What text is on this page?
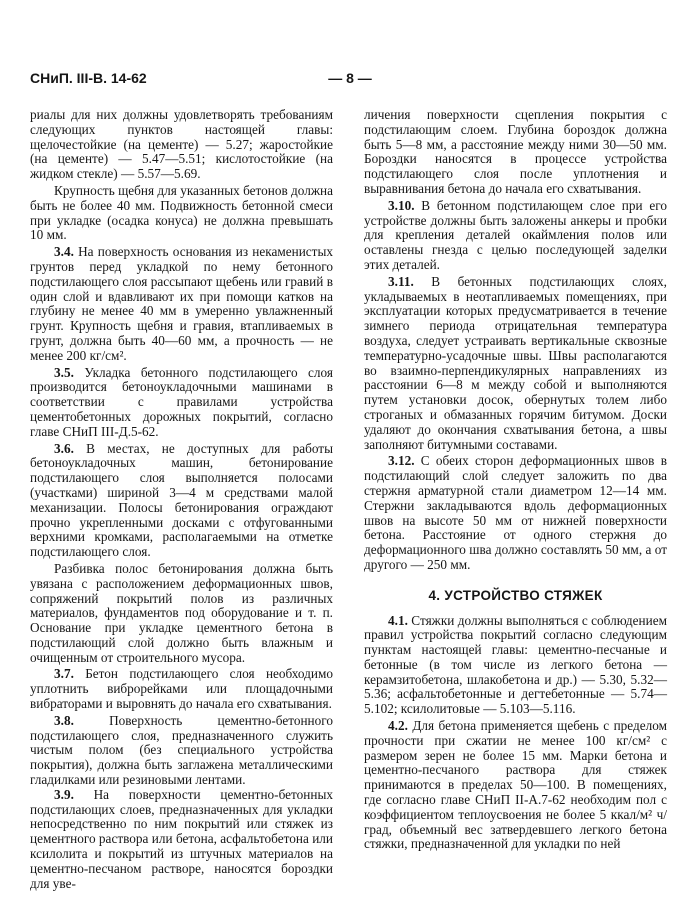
СНиП. III-В. 14-62	— 8 —

риалы для них должны удовлетворять требованиям следующих пунктов настоящей главы: щелочестойкие (на цементе) — 5.27; жаростойкие (на цементе) — 5.47—5.51; кислотостойкие (на жидком стекле) — 5.57—5.69.

Крупность щебня для указанных бетонов должна быть не более 40 мм. Подвижность бетонной смеси при укладке (осадка конуса) не должна превышать 10 мм.

3.4. На поверхность основания из некаменистых грунтов перед укладкой по нему бетонного подстилающего слоя рассыпают щебень или гравий в один слой и вдавливают их при помощи катков на глубину не менее 40 мм в умеренно увлажненный грунт. Крупность щебня и гравия, втапливаемых в грунт, должна быть 40—60 мм, а прочность — не менее 200 кг/см².

3.5. Укладка бетонного подстилающего слоя производится бетоноукладочными машинами в соответствии с правилами устройства цементобетонных дорожных покрытий, согласно главе СНиП III-Д.5-62.

3.6. В местах, не доступных для работы бетоноукладочных машин, бетонирование подстилающего слоя выполняется полосами (участками) шириной 3—4 м средствами малой механизации. Полосы бетонирования ограждают прочно укрепленными досками с отфугованными верхними кромками, располагаемыми на отметке подстилающего слоя.

Разбивка полос бетонирования должна быть увязана с расположением деформационных швов, сопряжений покрытий полов из различных материалов, фундаментов под оборудование и т. п. Основание при укладке цементного бетона в подстилающий слой должно быть влажным и очищенным от строительного мусора.

3.7. Бетон подстилающего слоя необходимо уплотнить виброрейками или площадочными вибраторами и выровнять до начала его схватывания.

3.8.	Поверхность цементно-бетонного подстилающего слоя, предназначенного служить чистым полом (без специального устройства покрытия), должна быть заглажена металлическими гладилками или резиновыми лентами.

3.9. На поверхности цементно-бетонных подстилающих слоев, предназначенных для укладки непосредственно по ним покрытий или стяжек из цементного раствора или бетона, асфальтобетона или ксилолита и покрытий из штучных материалов на цементно-песчаном растворе, наносятся бороздки для уве-

личения поверхности сцепления покрытия с подстилающим слоем. Глубина бороздок должна быть 5—8 мм, а расстояние между ними 30—50 мм. Бороздки наносятся в процессе устройства подстилающего слоя после уплотнения и выравнивания бетона до начала его схватывания.

3.10. В бетонном подстилающем слое при его устройстве должны быть заложены анкеры и пробки для крепления деталей окаймления полов или оставлены гнезда с целью последующей заделки этих деталей.

3.11. В бетонных подстилающих слоях, укладываемых в неотапливаемых помещениях, при эксплуатации которых предусматривается в течение зимнего периода отрицательная температура воздуха, следует устраивать вертикальные сквозные температурно-усадочные швы. Швы располагаются во взаимно-перпендикулярных направлениях из расстоянии 6—8 м между собой и выполняются путем установки досок, обернутых толем либо строганых и обмазанных горячим битумом. Доски удаляют до окончания схватывания бетона, а швы заполняют битумными составами.

3.12. С обеих сторон деформационных швов в подстилающий слой следует заложить по два стержня арматурной стали диаметром 12—14 мм. Стержни закладываются вдоль деформационных швов на высоте 50 мм от нижней поверхности бетона. Расстояние от одного стержня до деформационного шва должно составлять 50 мм, а от другого — 250 мм.

4. УСТРОЙСТВО СТЯЖЕК

4.1. Стяжки должны выполняться с соблюдением правил устройства покрытий согласно следующим пунктам настоящей главы: цементно-песчаные и бетонные (в том числе из легкого бетона — керамзитобетона, шлакобетона и др.) — 5.30, 5.32—5.36; асфальтобетонные и дегтебетонные — 5.74—5.102; ксилолитовые — 5.103—5.116.

4.2. Для бетона применяется щебень с пределом прочности при сжатии не менее 100 кг/см² с размером зерен не более 15 мм. Марки бетона и цементно-песчаного раствора для стяжек принимаются в пределах 50—100. В помещениях, где согласно главе СНиП II-А.7-62 необходим пол с коэффициентом теплоусвоения не более 5 ккал/м² ч/град, объемный вес затвердевшего легкого бетона стяжки, предназначенной для укладки по ней
